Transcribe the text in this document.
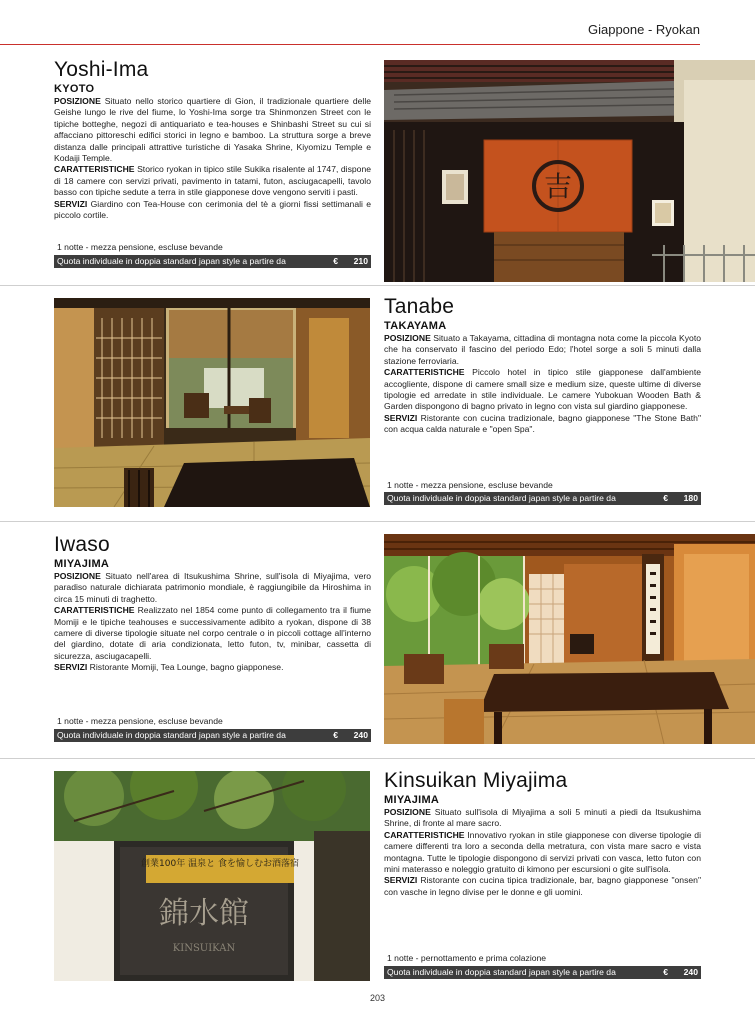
Giappone - Ryokan
Yoshi-Ima
KYOTO
POSIZIONE Situato nello storico quartiere di Gion, il tradizionale quartiere delle Geishe lungo le rive del fiume, lo Yoshi-Ima sorge tra Shinmonzen Street con le tipiche botteghe, negozi di antiquariato e tea-houses e Shinbashi Street su cui si affacciano pittoreschi edifici storici in legno e bamboo. La struttura sorge a breve distanza dalle principali attrattive turistiche di Yasaka Shrine, Kiyomizu Temple e Kodaiji Temple.
CARATTERISTICHE Storico ryokan in tipico stile Sukika risalente al 1747, dispone di 18 camere con servizi privati, pavimento in tatami, futon, asciugacapelli, tavolo basso con tipiche sedute a terra in stile giapponese dove vengono serviti i pasti.
SERVIZI Giardino con Tea-House con cerimonia del tè a giorni fissi settimanali e piccolo cortile.
1 notte - mezza pensione, escluse bevande
Quota individuale in doppia standard japan style a partire da	€ 210
吉
Tanabe
TAKAYAMA
POSIZIONE Situato a Takayama, cittadina di montagna nota come la piccola Kyoto che ha conservato il fascino del periodo Edo; l'hotel sorge a soli 5 minuti dalla stazione ferroviaria.
CARATTERISTICHE Piccolo hotel in tipico stile giapponese dall'ambiente accogliente, dispone di camere small size e medium size, queste ultime di diverse tipologie ed arredate in stile individuale. Le camere Yubokuan Wooden Bath & Garden dispongono di bagno privato in legno con vista sul giardino giapponese.
SERVIZI Ristorante con cucina tradizionale, bagno giapponese "The Stone Bath" con acqua calda naturale e "open Spa".
1 notte - mezza pensione, escluse bevande
Quota individuale in doppia standard japan style a partire da	€ 180
Iwaso
MIYAJIMA
POSIZIONE Situato nell'area di Itsukushima Shrine, sull'isola di Miyajima, vero paradiso naturale dichiarata patrimonio mondiale, è raggiungibile da Hiroshima in circa 15 minuti di traghetto.
CARATTERISTICHE Realizzato nel 1854 come punto di collegamento tra il fiume Momiji e le tipiche teahouses e successivamente adibito a ryokan, dispone di 38 camere di diverse tipologie situate nel corpo centrale o in piccoli cottage all'interno del giardino, dotate di aria condizionata, letto futon, tv, minibar, cassetta di sicurezza, asciugacapelli.
SERVIZI Ristorante Momiji, Tea Lounge, bagno giapponese.
1 notte - mezza pensione, escluse bevande
Quota individuale in doppia standard japan style a partire da	€ 240
創業100年 温泉と 食を愉しむお酒落宿
錦水館
KINSUIKAN
Kinsuikan Miyajima
MIYAJIMA
POSIZIONE Situato sull'isola di Miyajima a soli 5 minuti a piedi da Itsukushima Shrine, di fronte al mare sacro.
CARATTERISTICHE Innovativo ryokan in stile giapponese con diverse tipologie di camere differenti tra loro a seconda della metratura, con vista mare sacro e vista montagna. Tutte le tipologie dispongono di servizi privati con vasca, letto futon con mini materasso e noleggio gratuito di kimono per escursioni o gite sull'isola.
SERVIZI Ristorante con cucina tipica tradizionale, bar, bagno giapponese "onsen" con vasche in legno divise per le donne e gli uomini.
1 notte - pernottamento e prima colazione
Quota individuale in doppia standard japan style a partire da	€ 240
203
